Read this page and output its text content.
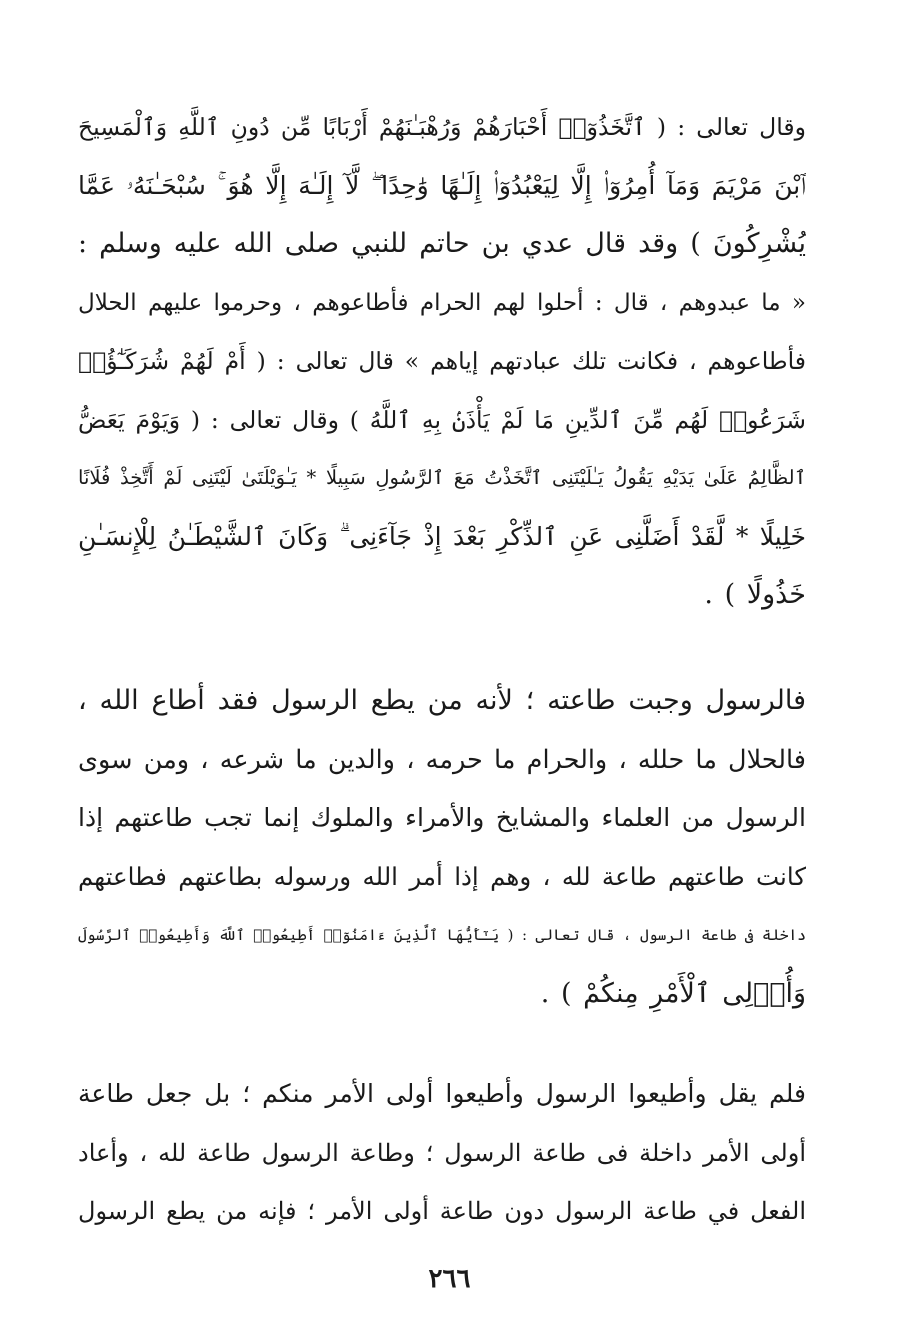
وقال تعالى : ( ٱتَّخَذُوٓا۟ أَحْبَارَهُمْ وَرُهْبَـٰنَهُمْ أَرْبَابًا مِّن دُونِ ٱللَّهِ وَٱلْمَسِيحَ
ٱبْنَ مَرْيَمَ وَمَآ أُمِرُوٓا۟ إِلَّا لِيَعْبُدُوٓا۟ إِلَـٰهًا وَٰحِدًا ۖ لَّآ إِلَـٰهَ إِلَّا هُوَ ۚ سُبْحَـٰنَهُۥ عَمَّا
يُشْرِكُونَ ) وقد قال عدي بن حاتم للنبي صلى الله عليه وسلم :
« ما عبدوهم ، قال : أحلوا لهم الحرام فأطاعوهم ، وحرموا عليهم الحلال
فأطاعوهم ، فكانت تلك عبادتهم إياهم » قال تعالى : ( أَمْ لَهُمْ شُرَكَـٰٓؤُا۟
شَرَعُوا۟ لَهُم مِّنَ ٱلدِّينِ مَا لَمْ يَأْذَنۢ بِهِ ٱللَّهُ ) وقال تعالى : ( وَيَوْمَ يَعَضُّ
ٱلظَّالِمُ عَلَىٰ يَدَيْهِ يَقُولُ يَـٰلَيْتَنِى ٱتَّخَذْتُ مَعَ ٱلرَّسُولِ سَبِيلًا * يَـٰوَيْلَتَىٰ لَيْتَنِى لَمْ أَتَّخِذْ فُلَانًا
خَلِيلًا * لَّقَدْ أَضَلَّنِى عَنِ ٱلذِّكْرِ بَعْدَ إِذْ جَآءَنِى ۗ وَكَانَ ٱلشَّيْطَـٰنُ لِلْإِنسَـٰنِ
خَذُولًا ) .
فالرسول وجبت طاعته ؛ لأنه من يطع الرسول فقد أطاع الله ،
فالحلال ما حلله ، والحرام ما حرمه ، والدين ما شرعه ، ومن سوى
الرسول من العلماء والمشايخ والأمراء والملوك إنما تجب طاعتهم إذا
كانت طاعتهم طاعة لله ، وهم إذا أمر الله ورسوله بطاعتهم فطاعتهم
داخلة فى طاعة الرسول ، قال تعالى : ( يَـٰٓأَيُّهَا ٱلَّذِينَ ءَامَنُوٓا۟ أَطِيعُوا۟ ٱللَّهَ وَأَطِيعُوا۟ ٱلرَّسُولَ
وَأُو۟لِى ٱلْأَمْرِ مِنكُمْ ) .
فلم يقل وأطيعوا الرسول وأطيعوا أولى الأمر منكم ؛ بل جعل طاعة
أولى الأمر داخلة فى طاعة الرسول ؛ وطاعة الرسول طاعة لله ، وأعاد
الفعل في طاعة الرسول دون طاعة أولى الأمر ؛ فإنه من يطع الرسول
٢٦٦
